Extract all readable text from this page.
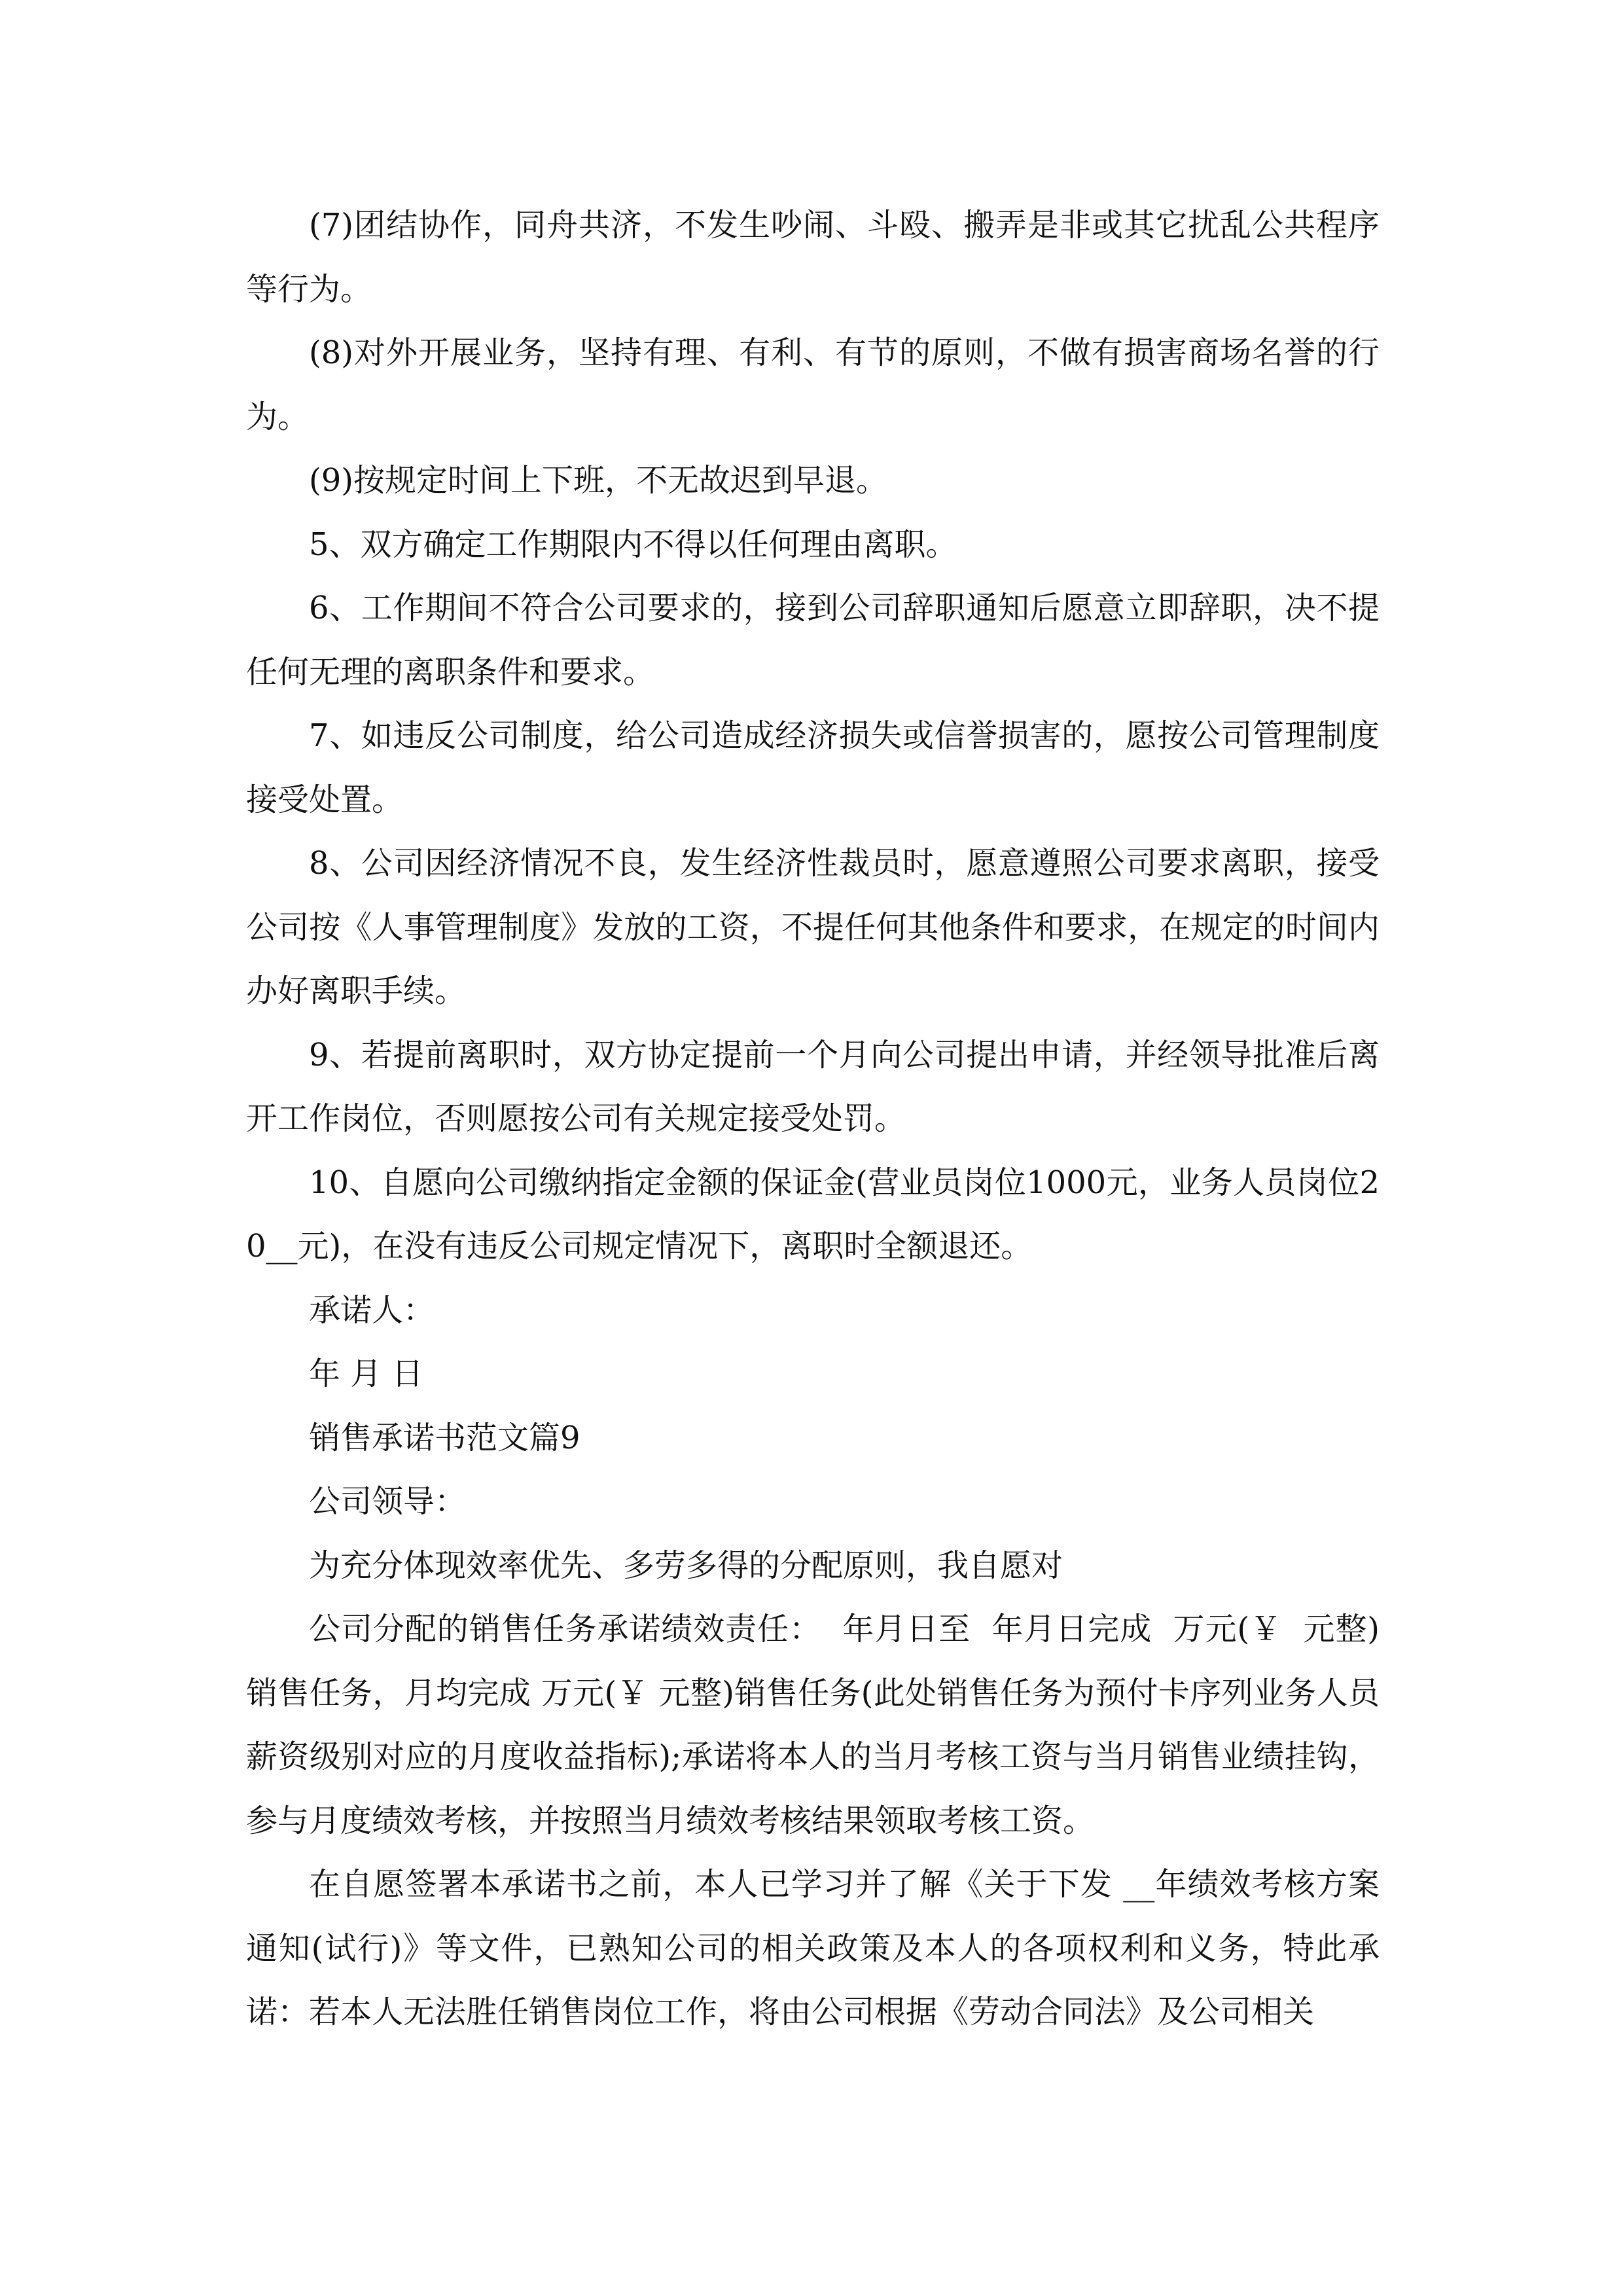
(7)团结协作，同舟共济，不发生吵闹、斗殴、搬弄是非或其它扰乱公共程序等行为。

(8)对外开展业务，坚持有理、有利、有节的原则，不做有损害商场名誉的行为。

(9)按规定时间上下班，不无故迟到早退。

5、双方确定工作期限内不得以任何理由离职。

6、工作期间不符合公司要求的，接到公司辞职通知后愿意立即辞职，决不提任何无理的离职条件和要求。

7、如违反公司制度，给公司造成经济损失或信誉损害的，愿按公司管理制度接受处置。

8、公司因经济情况不良，发生经济性裁员时，愿意遵照公司要求离职，接受公司按《人事管理制度》发放的工资，不提任何其他条件和要求，在规定的时间内办好离职手续。

9、若提前离职时，双方协定提前一个月向公司提出申请，并经领导批准后离开工作岗位，否则愿按公司有关规定接受处罚。

10、自愿向公司缴纳指定金额的保证金(营业员岗位1000元，业务人员岗位20__元)，在没有违反公司规定情况下，离职时全额退还。

承诺人：

年 月 日

销售承诺书范文篇9

公司领导：

为充分体现效率优先、多劳多得的分配原则，我自愿对

公司分配的销售任务承诺绩效责任：  年月日至  年月日完成  万元(￥  元整)销售任务，月均完成 万元(￥ 元整)销售任务(此处销售任务为预付卡序列业务人员薪资级别对应的月度收益指标);承诺将本人的当月考核工资与当月销售业绩挂钩，参与月度绩效考核，并按照当月绩效考核结果领取考核工资。

在自愿签署本承诺书之前，本人已学习并了解《关于下发 __年绩效考核方案通知(试行)》等文件，已熟知公司的相关政策及本人的各项权利和义务，特此承诺：若本人无法胜任销售岗位工作，将由公司根据《劳动合同法》及公司相关
